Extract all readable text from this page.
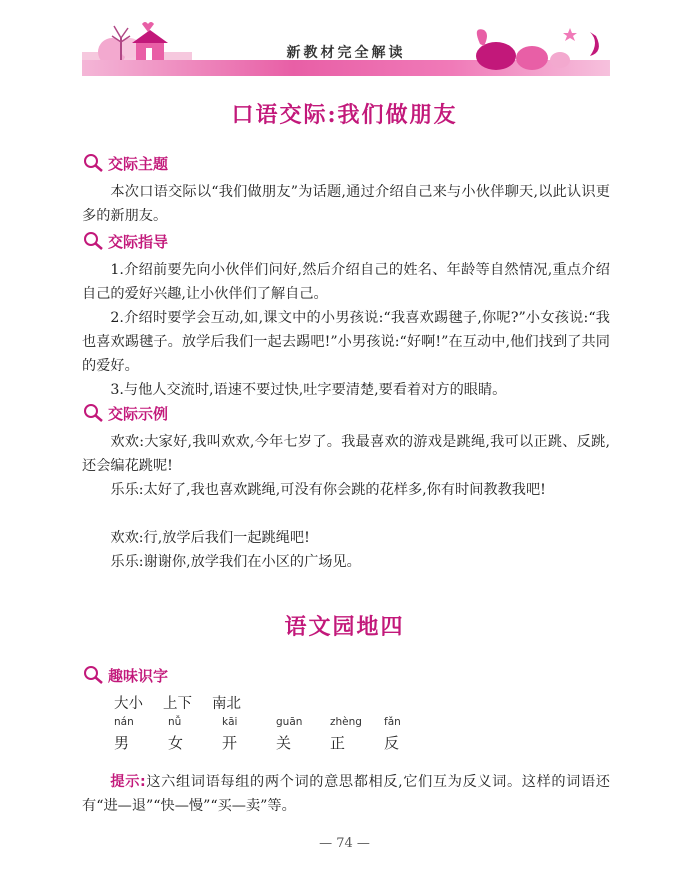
新教材完全解读
口语交际:我们做朋友
交际主题

本次口语交际以“我们做朋友”为话题,通过介绍自己来与小伙伴聊天,以此认识更多的新朋友。

交际指导

1.介绍前要先向小伙伴们问好,然后介绍自己的姓名、年龄等自然情况,重点介绍自己的爱好兴趣,让小伙伴们了解自己。

2.介绍时要学会互动,如,课文中的小男孩说:“我喜欢踢毽子,你呢?”小女孩说:“我也喜欢踢毽子。放学后我们一起去踢吧!”小男孩说:“好啊!”在互动中,他们找到了共同的爱好。

3.与他人交流时,语速不要过快,吐字要清楚,要看着对方的眼睛。

交际示例

欢欢:大家好,我叫欢欢,今年七岁了。我最喜欢的游戏是跳绳,我可以正跳、反跳,还会编花跳呢!

乐乐:太好了,我也喜欢跳绳,可没有你会跳的花样多,你有时间教教我吧!

欢欢:行,放学后我们一起跳绳吧!

乐乐:谢谢你,放学我们在小区的广场见。

语文园地四
趣味识字
大小 上下 南北
nán	nǚ	kāi	guān	zhèng	fǎn
男	女	开	关	正	反

提示:这六组词语每组的两个词的意思都相反,它们互为反义词。这样的词语还有“进—退”“快—慢”“买—卖”等。

— 74 —
